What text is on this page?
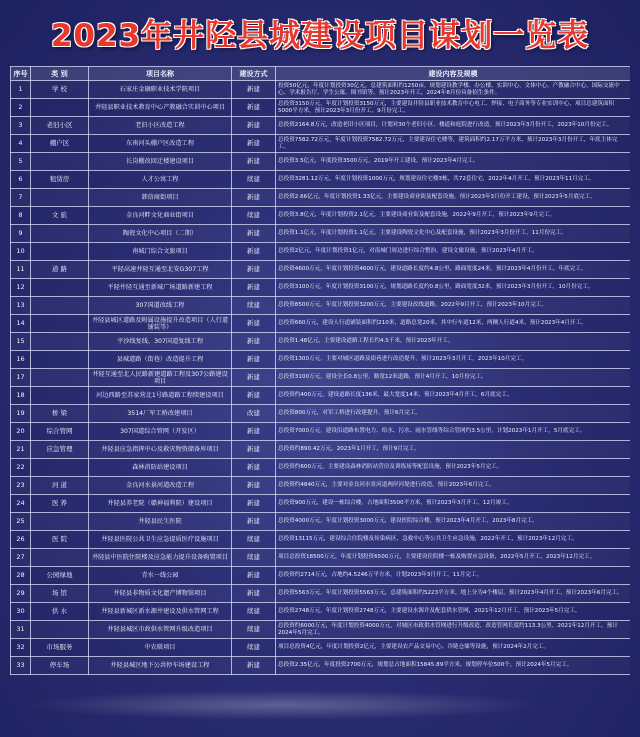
2023年井陉县城建设项目谋划一览表
序号	类 别	项目名称	建设方式	建设内容及规模
1	学 校	石家庄金融职业技术学院项目	新建	投资50亿元，年度计划投资30亿元，总建筑面积约1250亩，规划建设教学楼、办公楼、实训中心、文体中心、产教融合中心、国际交流中心、学术报告厅、学生公寓、图书馆等，预计2023年开工，2024年8月份具备招生条件。
2		井陉县职业技术教育中心产教融合实训中心项目	新建	总投资3150万元，年度计划投资3150万元，主要建设井陉县职业技术教育中心电工、焊接、电子商务等专业实训中心，项目总建筑面积5000平方米，预计2023年3月份开工，9月份完工。
3	老旧小区	老旧小区改造工程	新建	总投资2164.8万元，改造老旧小区项目，计划对30个老旧小区、楼道和庭院进行改造，预计2023年3月份开工，2023年10月份完工。
4	棚户区	东南河头棚户区改造工程	新建	总投资7582.72万元，年度计划投资7582.72万元，主要建设住宅楼等，建筑面积约2.17万平方米，预计2023年3月份开工，年底主体完工。
5		长岗棚改回迁楼建设项目	新建	总投资3.5亿元，年度投资3500万元，2019年开工建设，预计2023年4月完工。
6	租赁房	人才公寓工程	续建	总投资3281.12万元，年度计划投资1000万元，规划建设住宅楼3栋，共72套住宅，2022年4月开工，预计2023年11月完工。
7		韩信商街项目	新建	总投资2.66亿元，年度计划投资1.33亿元，主要建设商业街及配套设施，预计2023年3月份开工建设，预计2023年5月底完工。
8	文 旅	金良河畔文化商业街项目	续建	总投资3.8亿元，年度计划投资2.1亿元，主要建设商业街及配套设施，2022年9月开工，预计2023年9月完工。
9		陶瓷文化中心项目（二期）	新建	总投资1.1亿元，年度计划投资1.1亿元，主要建设陶瓷文化中心及配套设施，预计2023年3月份开工，11月份完工。
10		南城门综合文旅项目	新建	总投资2亿元，年度计划投资1亿元，对南城门周边进行综合整治，建设文旅设施，预计2023年4月开工。
11	道 路	平陉高速井陉互通至北安G307工程	新建	总投资4600万元，年度计划投资4600万元，建设道路长度约4.8公里，路面宽度24米，预计2023年4月份开工，年底完工。
12		平陉井陉互通至新城广场道路新建工程	新建	总投资3100万元，年度计划投资3100万元，规划道路长度约0.8公里，路面宽度32米，预计2023年3月份开工，10月份完工。
13		307国道改线工程	续建	总投资8500万元，年度计划投资3200万元，主要建设改线道路，2022年9月开工，预计2023年10月完工。
14		井陉县城区道路及附属设施提升改造项目（人行道铺装等）	新建	总投资660万元，建设人行道铺装面积约210米，道路总宽20米，其中行车道12米，两侧人行道4米，预计2023年4月开工。
15		平沙线复线、307国道复线工程	新建	总投资1.48亿元，主要建设道路工程长约4.5千米，预计2023年开工。
16		县城道路（街巷）改造提升工程	新建	总投资1300万元，主要对城区道路及街巷进行改造提升，预计2023年3月开工，2023年10月完工。
17		井陉互通至北人民路新建道路工程及307公路建设项目	新建	总投资3100万元，建设全长0.8公里，路宽12米道路，预计4月开工，10月份完工。
18		河边西路至苏家营北1号路道路工程续建设项目	新建	总投资约400万元，建设道路长度136米，最大宽度14米，预计2023年4月开工，6月底完工。
19	桥 梁	3514厂军工桥改建项目	改建	总投资800万元，对军工桥进行改建提升，预计6月完工。
20	综合管网	307国道综合管网（开发区）	新建	总投资7000万元，建设沿道路布置电力、给水、污水、雨水管线等综合管网约3.5公里，计划2023年1月开工，5月底完工。
21	应急管理	井陉县应急指挥中心及救灾物资储备库项目	新建	总投资约890.42万元，2023年1月开工，预计9月完工。
22		森林消防站建设项目	新建	总投资约600万元，主要建设森林消防站营房及训练场等配套设施，预计2023年5月完工。
23	河 道	金良河水景河道改造工程	新建	总投资约4840万元，主要对金良河水景河道两岸河堤进行改造，预计2023年6月完工。
24	医 养	井陉县养老院（赣神福利院）建设项目	新建	总投资900万元，建设一栋综合楼，占地面积3500平方米，预计2023年3月开工，12月竣工。
25		井陉县民生医院	新建	总投资4000万元，年度计划投资3000万元，建设医院综合楼，预计2023年4月开工，2023年8月完工。
26	医 院	井陉县医院公共卫生应急提质医疗设施项目	续建	总投资13115万元，建设综合住院楼及传染病区、急救中心等公共卫生应急设施，2022年开工，预计2023年12月完工。
27		井陉县中医院住院楼及应急能力提升设备购置项目	续建	项目总投资18500万元，年度计划投资6500万元，主要建设住院楼一栋及购置应急设备，2022年5月开工，2023年12月完工。
28	公园绿地	青水一线公园	新建	总投资约2714万元，占地约4.5246万平方米，计划2023年3月开工，11月完工。
29	场 馆	井陉县非物质文化遗产博物馆项目	新建	总投资5563万元，年度计划投资5563万元，总建筑面积约5223平方米，地上分为4个楼层，预计2023年4月开工，预计2023年6月完工。
30	供 水	井陉县新城区新水源井建设及供水管网工程	续建	总投资2748万元，年度计划投资2748万元，主要建设水源井及配套供水管网，2021年12月开工，预计2023年5月完工。
31		井陉县城区市政供水管网升级改造项目	续建	总投资约6000万元，年度计划投资4000万元，对城区市政供水管网进行升级改造，改造管网长度约113.3公里，2021年12月开工，预计2024年5月完工。
32	市场服务	中农联项目	续建	项目总投资4亿元，年度计划投资2亿元，主要建设农产品交易中心、冷链仓储等设施，预计2024年2月完工。
33	停车场	井陉县城区地下公共停车场建设工程	新建	总投资2.35亿元，年度投资2700万元，规划总占地面积15845.89平方米，规划停车位500个，预计2024年5月完工。
